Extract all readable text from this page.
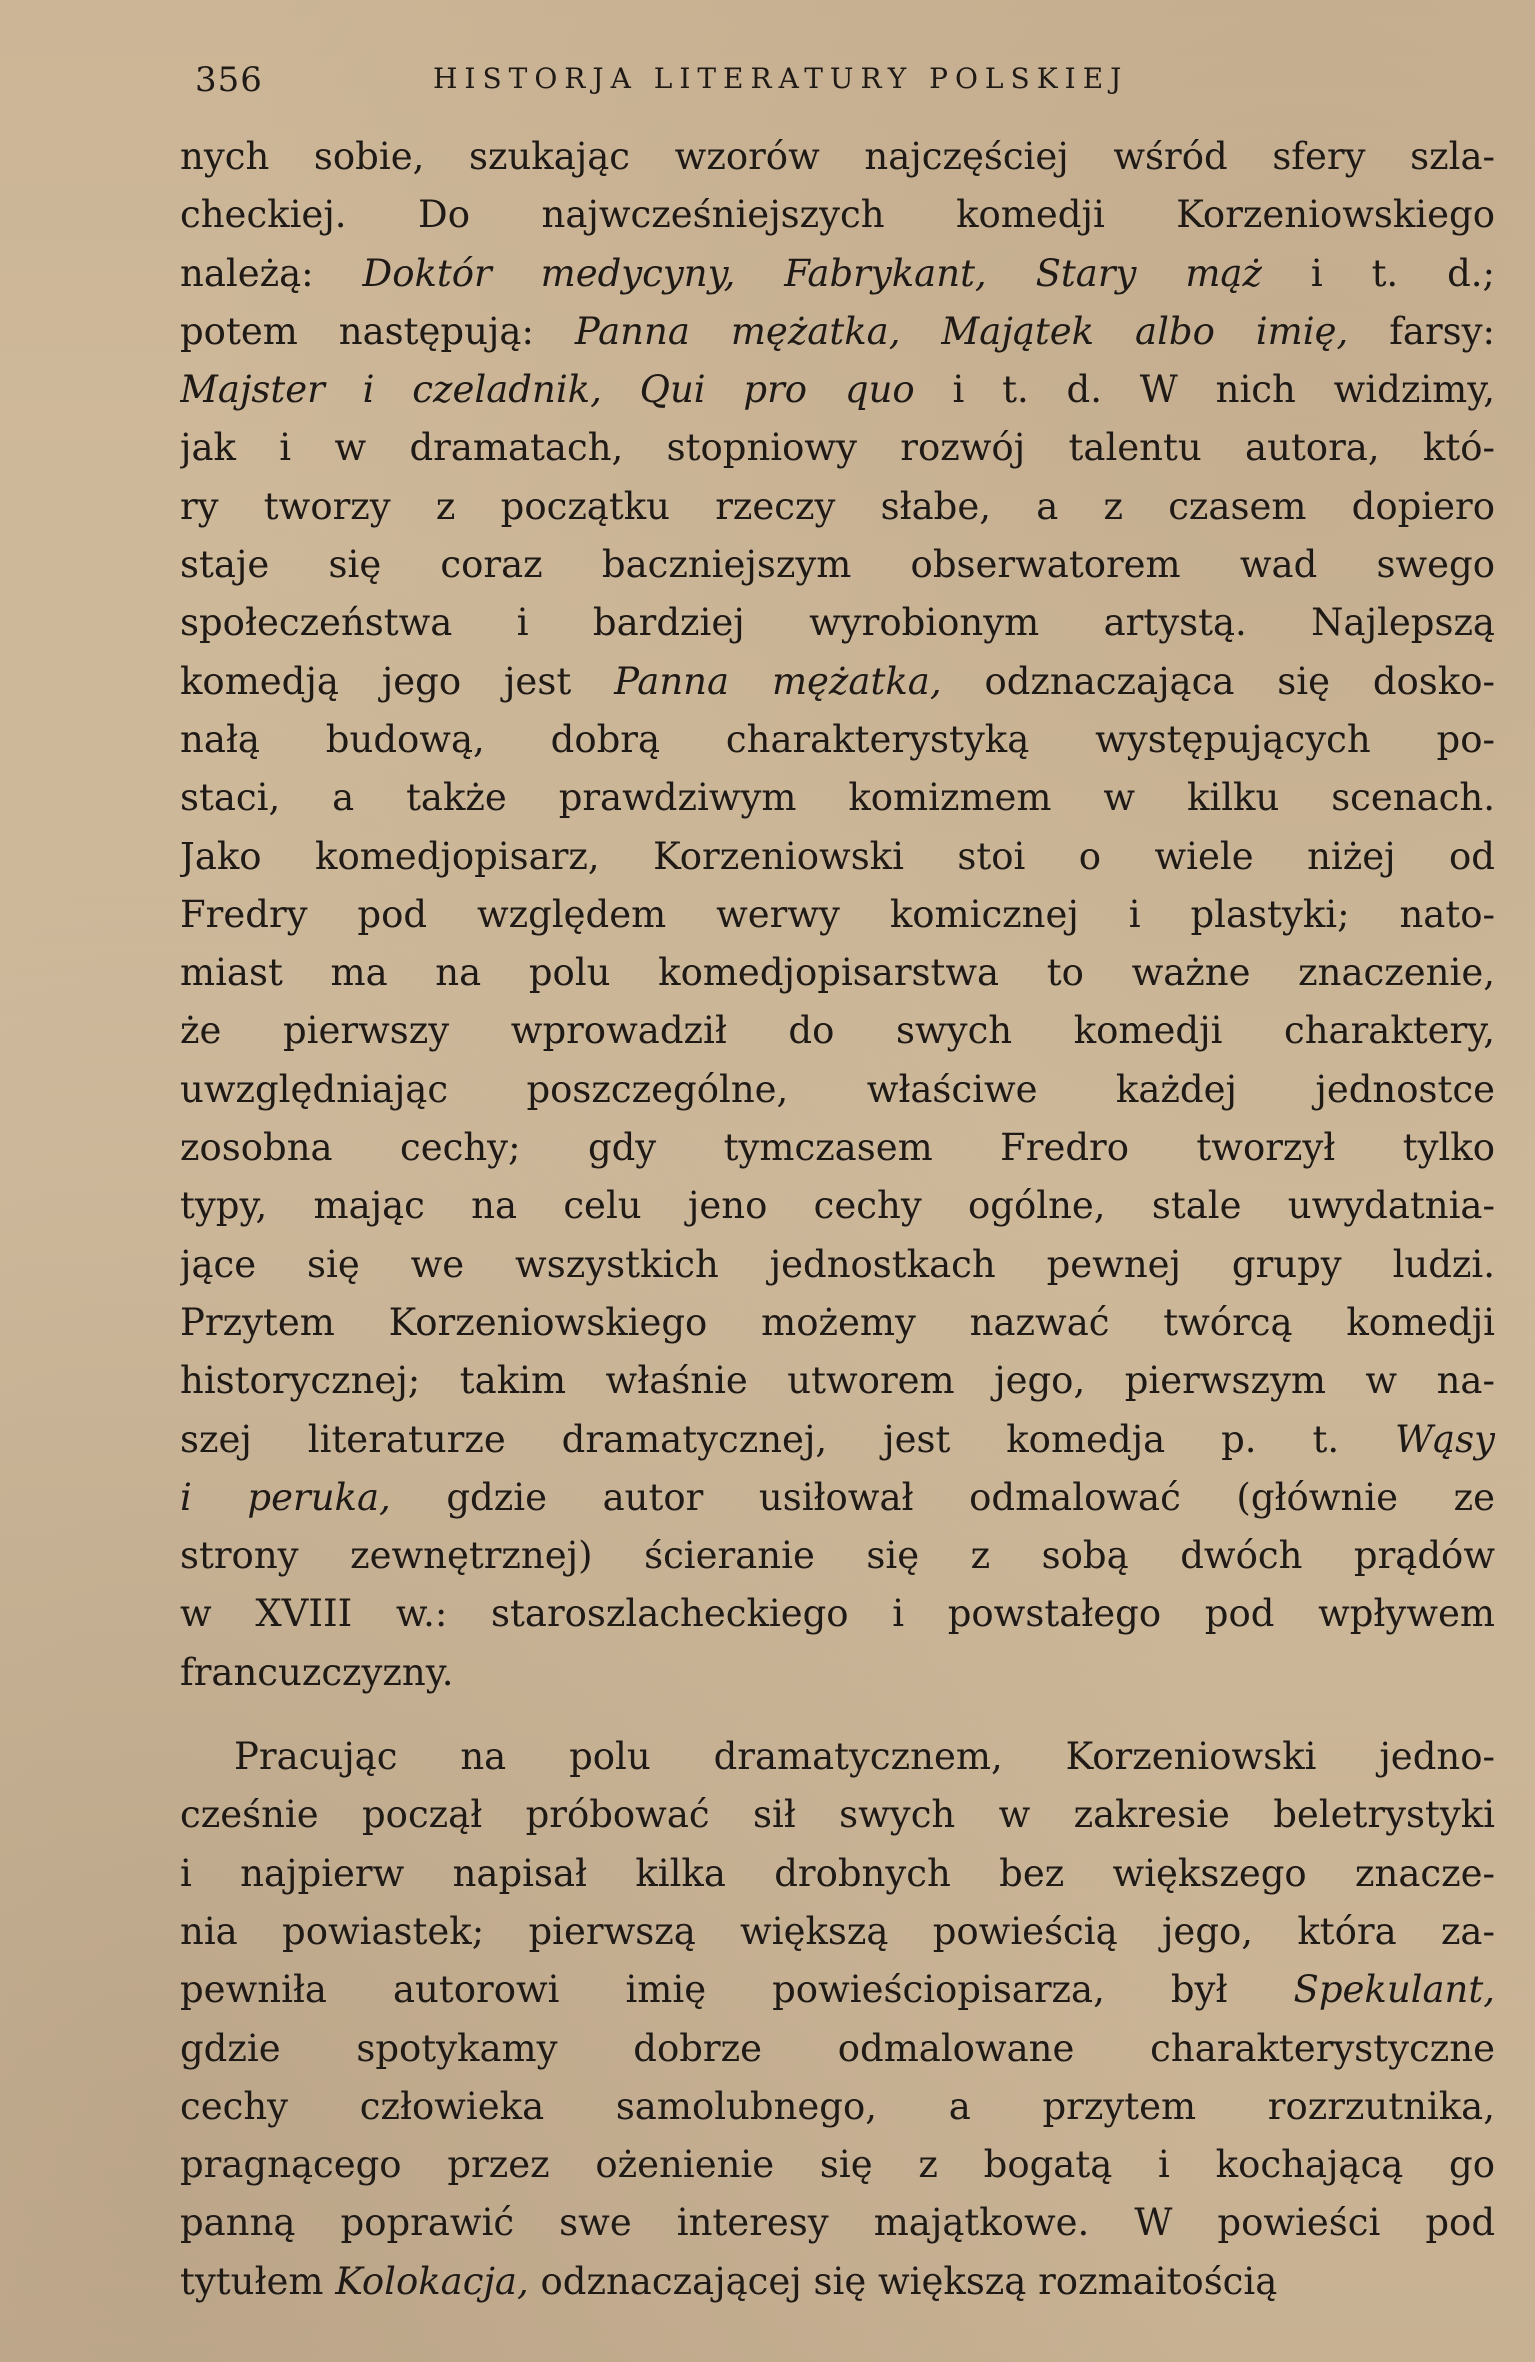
356	HISTORJA LITERATURY POLSKIEJ
nych sobie, szukając wzorów najczęściej wśród sfery szla-
checkiej. Do najwcześniejszych komedji Korzeniowskiego
należą: Doktór medycyny, Fabrykant, Stary mąż i t. d.;
potem następują: Panna mężatka, Majątek albo imię, farsy:
Majster i czeladnik, Qui pro quo i t. d. W nich widzimy,
jak i w dramatach, stopniowy rozwój talentu autora, któ-
ry tworzy z początku rzeczy słabe, a z czasem dopiero
staje się coraz baczniejszym obserwatorem wad swego
społeczeństwa i bardziej wyrobionym artystą. Najlepszą
komedją jego jest Panna mężatka, odznaczająca się dosko-
nałą budową, dobrą charakterystyką występujących po-
staci, a także prawdziwym komizmem w kilku scenach.
Jako komedjopisarz, Korzeniowski stoi o wiele niżej od
Fredry pod względem werwy komicznej i plastyki; nato-
miast ma na polu komedjopisarstwa to ważne znaczenie,
że pierwszy wprowadził do swych komedji charaktery,
uwzględniając poszczególne, właściwe każdej jednostce
zosobna cechy; gdy tymczasem Fredro tworzył tylko
typy, mając na celu jeno cechy ogólne, stale uwydatnia-
jące się we wszystkich jednostkach pewnej grupy ludzi.
Przytem Korzeniowskiego możemy nazwać twórcą komedji
historycznej; takim właśnie utworem jego, pierwszym w na-
szej literaturze dramatycznej, jest komedja p. t. Wąsy
i peruka, gdzie autor usiłował odmalować (głównie ze
strony zewnętrznej) ścieranie się z sobą dwóch prądów
w XVIII w.: staroszlacheckiego i powstałego pod wpływem
francuzczyzny.
Pracując na polu dramatycznem, Korzeniowski jedno-
cześnie począł próbować sił swych w zakresie beletrystyki
i najpierw napisał kilka drobnych bez większego znacze-
nia powiastek; pierwszą większą powieścią jego, która za-
pewniła autorowi imię powieściopisarza, był Spekulant,
gdzie spotykamy dobrze odmalowane charakterystyczne
cechy człowieka samolubnego, a przytem rozrzutnika,
pragnącego przez ożenienie się z bogatą i kochającą go
panną poprawić swe interesy majątkowe. W powieści pod
tytułem Kolokacja, odznaczającej się większą rozmaitością
